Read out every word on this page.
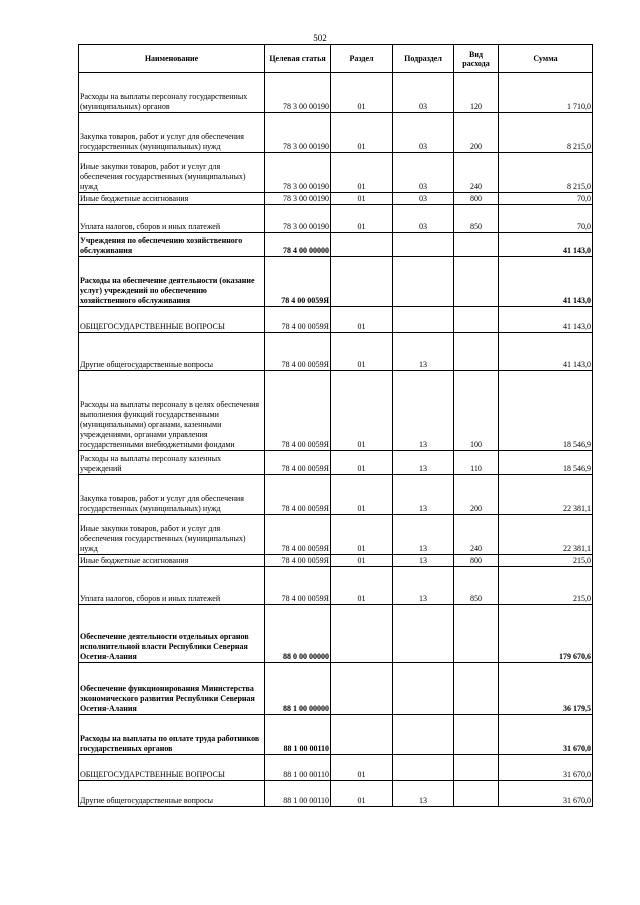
502
Наименование	Целевая статья	Раздел	Подраздел	Вид расхода	Сумма
Расходы на выплаты персоналу государственных (муниципальных) органов	78 3 00 00190	01	03	120	1 710,0
Закупка товаров, работ и услуг для обеспечения государственных (муниципальных) нужд	78 3 00 00190	01	03	200	8 215,0
Иные закупки товаров, работ и услуг для обеспечения государственных (муниципальных) нужд	78 3 00 00190	01	03	240	8 215,0
Иные бюджетные ассигнования	78 3 00 00190	01	03	800	70,0
Уплата налогов, сборов и иных платежей	78 3 00 00190	01	03	850	70,0
Учреждения по обеспечению хозяйственного обслуживания	78 4 00 00000				41 143,0
Расходы на обеспечение деятельности (оказание услуг) учреждений по обеспечению хозяйственного обслуживания	78 4 00 0059Я				41 143,0
ОБЩЕГОСУДАРСТВЕННЫЕ ВОПРОСЫ	78 4 00 0059Я	01			41 143,0
Другие общегосударственные вопросы	78 4 00 0059Я	01	13		41 143,0
Расходы на выплаты персоналу в целях обеспечения выполнения функций государственными (муниципальными) органами, казенными учреждениями, органами управления государственными внебюджетными фондами	78 4 00 0059Я	01	13	100	18 546,9
Расходы на выплаты персоналу казенных учреждений	78 4 00 0059Я	01	13	110	18 546,9
Закупка товаров, работ и услуг для обеспечения государственных (муниципальных) нужд	78 4 00 0059Я	01	13	200	22 381,1
Иные закупки товаров, работ и услуг для обеспечения государственных (муниципальных) нужд	78 4 00 0059Я	01	13	240	22 381,1
Иные бюджетные ассигнования	78 4 00 0059Я	01	13	800	215,0
Уплата налогов, сборов и иных платежей	78 4 00 0059Я	01	13	850	215,0
Обеспечение деятельности отдельных органов исполнительной власти Республики Северная Осетия-Алания	88 0 00 00000				179 670,6
Обеспечение функционирования Министерства экономического развития Республики Северная Осетия-Алания	88 1 00 00000				36 179,5
Расходы на выплаты по оплате труда работников государственных органов	88 1 00 00110				31 670,0
ОБЩЕГОСУДАРСТВЕННЫЕ ВОПРОСЫ	88 1 00 00110	01			31 670,0
Другие общегосударственные вопросы	88 1 00 00110	01	13		31 670,0
